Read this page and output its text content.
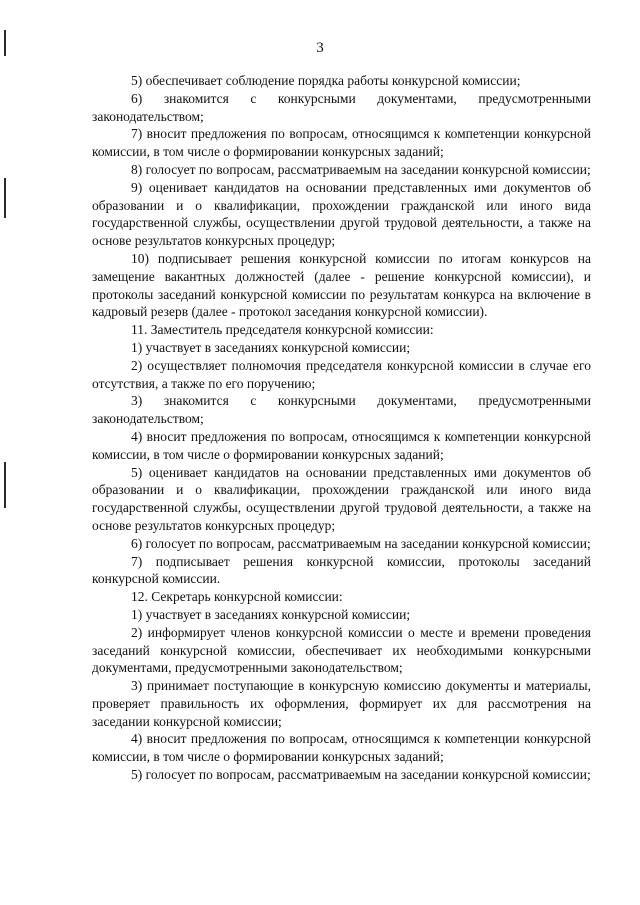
3

5) обеспечивает соблюдение порядка работы конкурсной комиссии;

6) знакомится с конкурсными документами, предусмотренными законодательством;

7) вносит предложения по вопросам, относящимся к компетенции конкурсной комиссии, в том числе о формировании конкурсных заданий;

8) голосует по вопросам, рассматриваемым на заседании конкурсной комиссии;

9) оценивает кандидатов на основании представленных ими документов об образовании и о квалификации, прохождении гражданской или иного вида государственной службы, осуществлении другой трудовой деятельности, а также на основе результатов конкурсных процедур;

10) подписывает решения конкурсной комиссии по итогам конкурсов на замещение вакантных должностей (далее - решение конкурсной комиссии), и протоколы заседаний конкурсной комиссии по результатам конкурса на включение в кадровый резерв (далее - протокол заседания конкурсной комиссии).

11. Заместитель председателя конкурсной комиссии:

1) участвует в заседаниях конкурсной комиссии;

2) осуществляет полномочия председателя конкурсной комиссии в случае его отсутствия, а также по его поручению;

3) знакомится с конкурсными документами, предусмотренными законодательством;

4) вносит предложения по вопросам, относящимся к компетенции конкурсной комиссии, в том числе о формировании конкурсных заданий;

5) оценивает кандидатов на основании представленных ими документов об образовании и о квалификации, прохождении гражданской или иного вида государственной службы, осуществлении другой трудовой деятельности, а также на основе результатов конкурсных процедур;

6) голосует по вопросам, рассматриваемым на заседании конкурсной комиссии;

7) подписывает решения конкурсной комиссии, протоколы заседаний конкурсной комиссии.

12. Секретарь конкурсной комиссии:

1) участвует в заседаниях конкурсной комиссии;

2) информирует членов конкурсной комиссии о месте и времени проведения заседаний конкурсной комиссии, обеспечивает их необходимыми конкурсными документами, предусмотренными законодательством;

3) принимает поступающие в конкурсную комиссию документы и материалы, проверяет правильность их оформления, формирует их для рассмотрения на заседании конкурсной комиссии;

4) вносит предложения по вопросам, относящимся к компетенции конкурсной комиссии, в том числе о формировании конкурсных заданий;

5) голосует по вопросам, рассматриваемым на заседании конкурсной комиссии;
